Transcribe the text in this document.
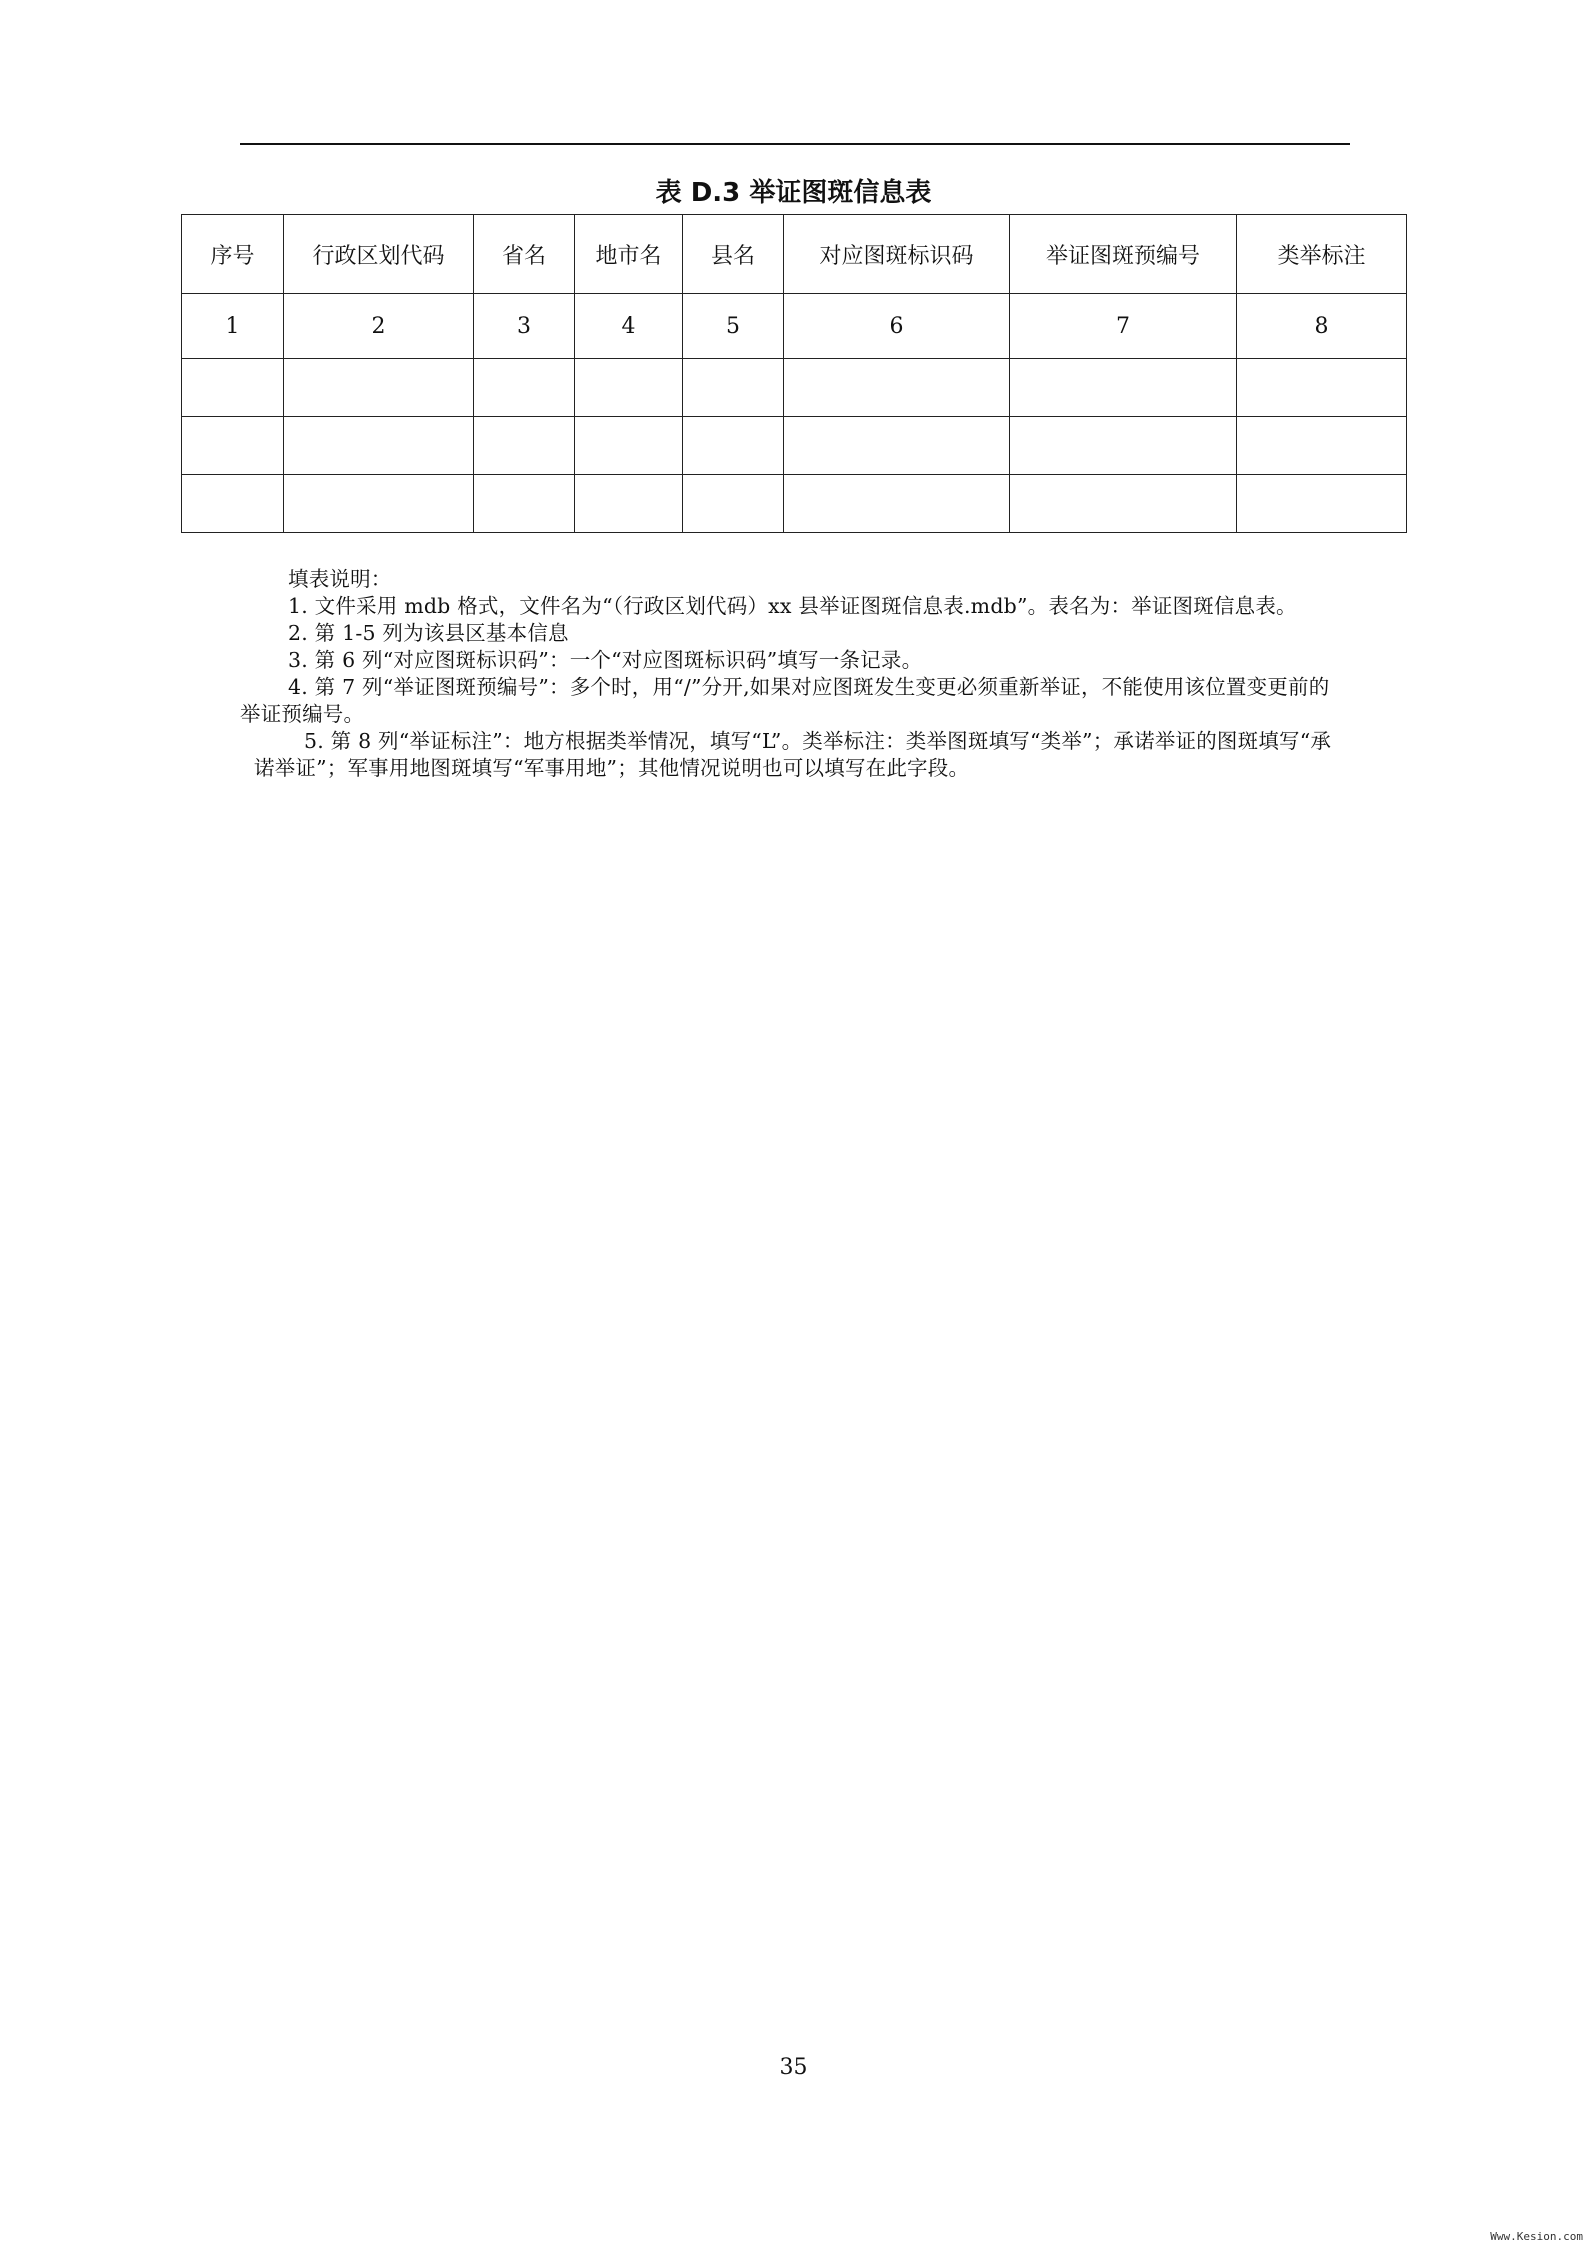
表 D.3 举证图斑信息表
序号	行政区划代码	省名	地市名	县名	对应图斑标识码	举证图斑预编号	类举标注
1	2	3	4	5	6	7	8

填表说明：

1. 文件采用 mdb 格式，文件名为“（行政区划代码）xx 县举证图斑信息表.mdb”。表名为：举证图斑信息表。

2. 第 1-5 列为该县区基本信息

3. 第 6 列“对应图斑标识码”：一个“对应图斑标识码”填写一条记录。

4. 第 7 列“举证图斑预编号”：多个时，用“/”分开,如果对应图斑发生变更必须重新举证，不能使用该位置变更前的举证预编号。

5. 第 8 列“举证标注”：地方根据类举情况，填写“L”。类举标注：类举图斑填写“类举”；承诺举证的图斑填写“承诺举证”；军事用地图斑填写“军事用地”；其他情况说明也可以填写在此字段。

35
Www.Kesion.com
